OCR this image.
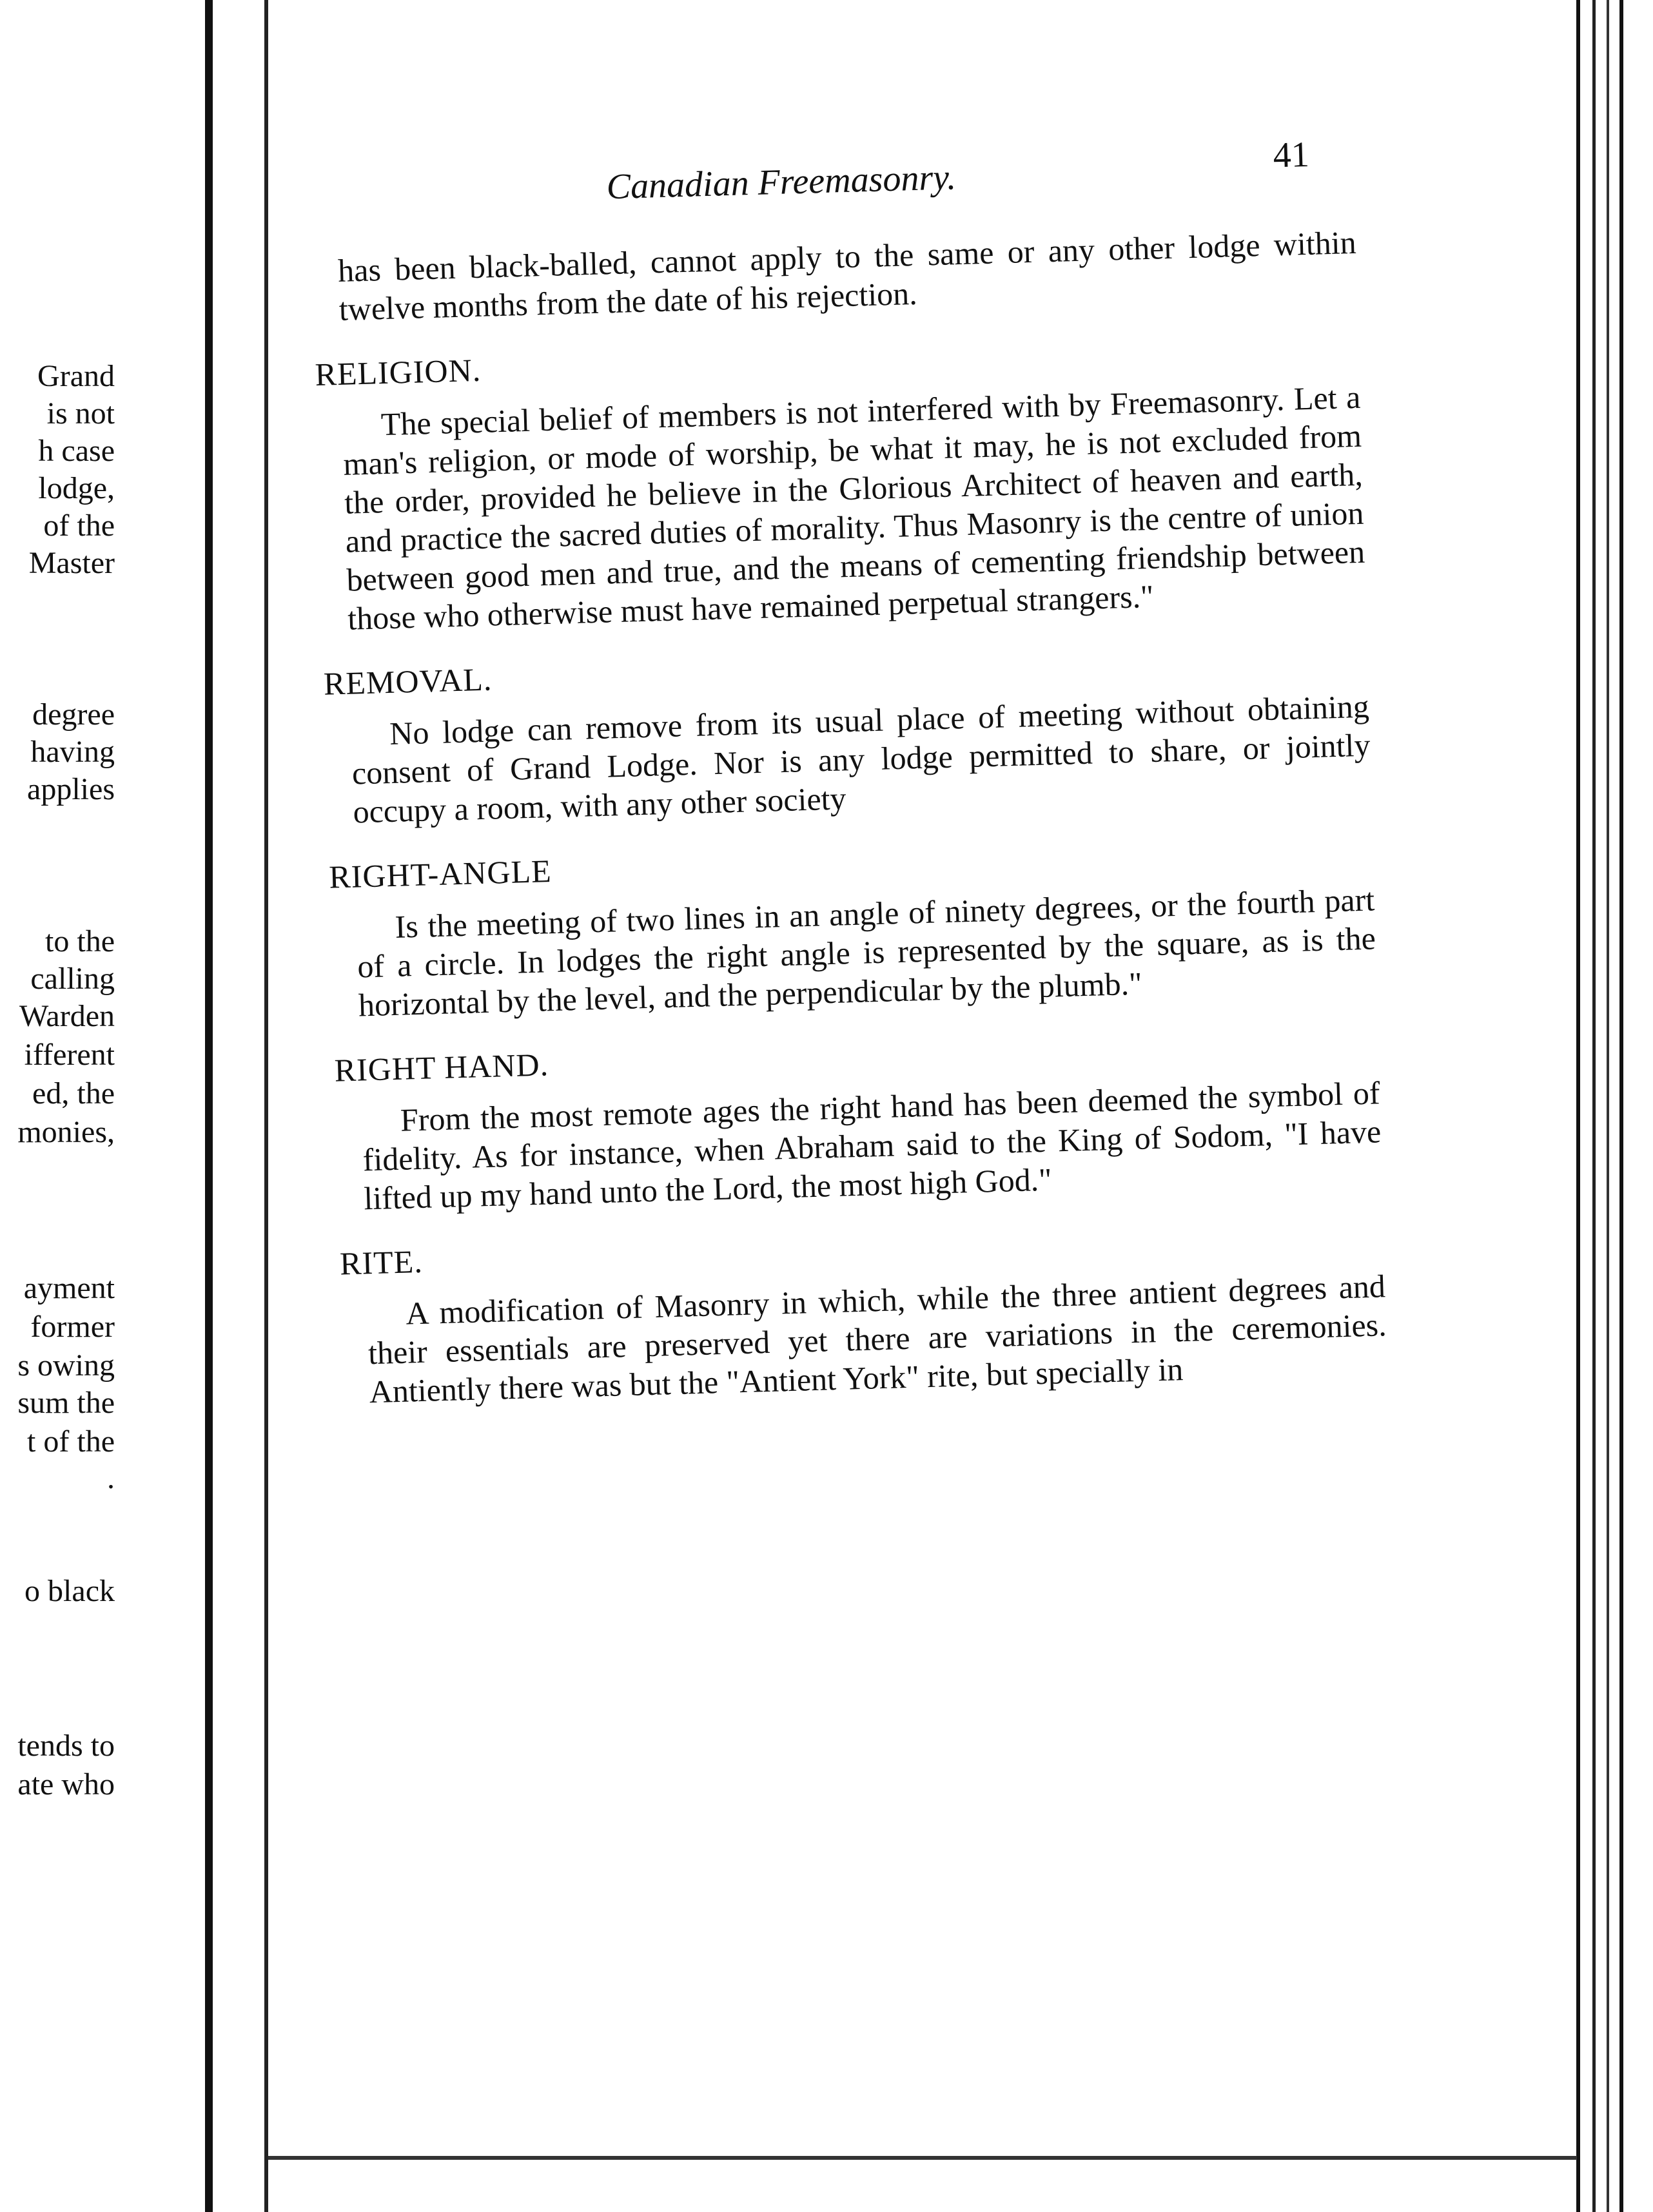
Grand
is not
h case
lodge,
of the
Master
degree
having
applies
to the
calling
Warden
ifferent
ed, the
monies,
ayment
former
s owing
sum the
t of the
.
o black
tends to
ate who
Canadian Freemasonry.
41

has been black-balled, cannot apply to the same or any other lodge within twelve months from the date of his rejection.

RELIGION.

The special belief of members is not interfered with by Freemasonry. Let a man's religion, or mode of worship, be what it may, he is not excluded from the order, provided he believe in the Glorious Architect of heaven and earth, and practice the sacred duties of morality. Thus Masonry is the centre of union between good men and true, and the means of cementing friendship between those who otherwise must have remained perpetual strangers."

REMOVAL.

No lodge can remove from its usual place of meeting without obtaining consent of Grand Lodge. Nor is any lodge permitted to share, or jointly occupy a room, with any other society

RIGHT-ANGLE

Is the meeting of two lines in an angle of ninety degrees, or the fourth part of a circle. In lodges the right angle is represented by the square, as is the horizontal by the level, and the perpendicular by the plumb."

RIGHT HAND.

From the most remote ages the right hand has been deemed the symbol of fidelity. As for instance, when Abraham said to the King of Sodom, "I have lifted up my hand unto the Lord, the most high God."

RITE.

A modification of Masonry in which, while the three antient degrees and their essentials are preserved yet there are variations in the ceremonies. Antiently there was but the "Antient York" rite, but specially in
